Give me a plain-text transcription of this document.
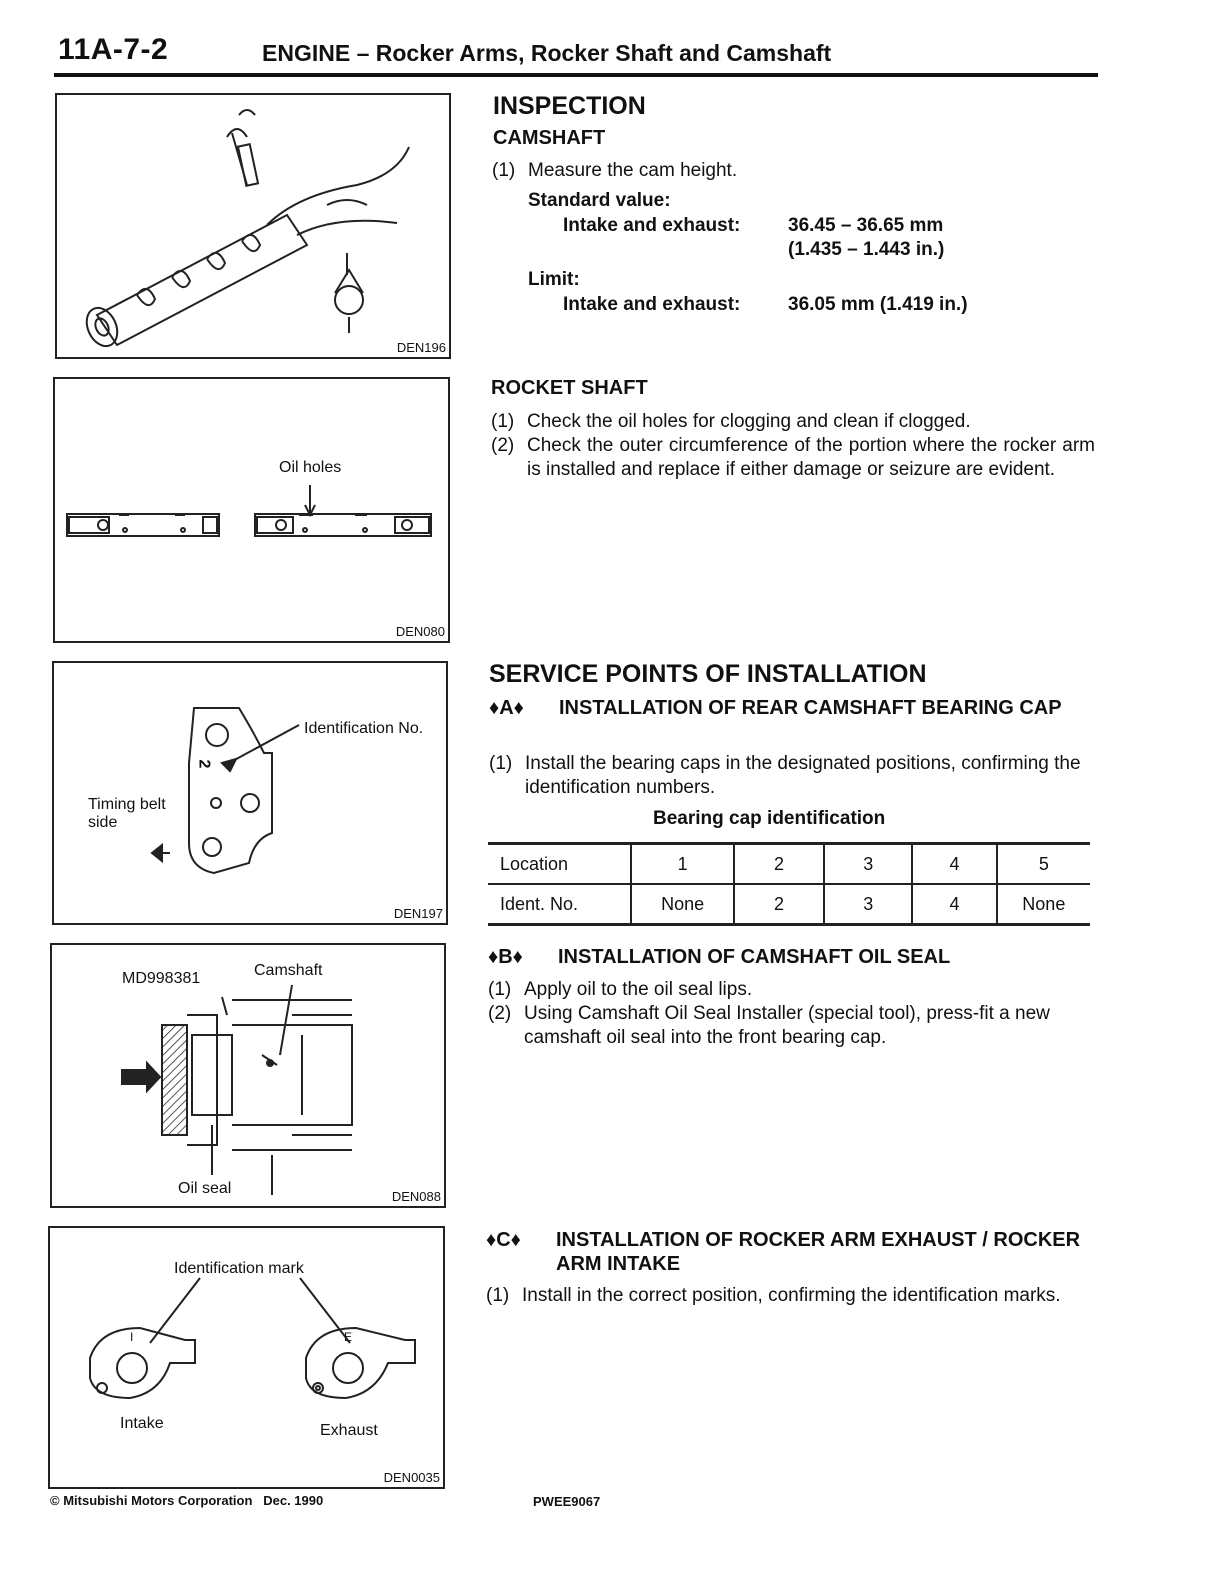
11A-7-2	ENGINE – Rocker Arms, Rocker Shaft and Camshaft
DEN196
Oil holes
DEN080
2
Identification No.
Timing belt
side
DEN197
MD998381	Camshaft
Oil seal	DEN088
Identification mark
I	E
Intake	Exhaust
DEN0035
INSPECTION
CAMSHAFT
(1) Measure the cam height.
Standard value:
Intake and exhaust:	36.45 – 36.65 mm
(1.435 – 1.443 in.)
Limit:
Intake and exhaust:	36.05 mm (1.419 in.)
ROCKET SHAFT
(1) Check the oil holes for clogging and clean if clogged.
(2) Check the outer circumference of the portion where the rocker arm is installed and replace if either damage or seizure are evident.
SERVICE POINTS OF INSTALLATION
♦A♦	INSTALLATION OF REAR CAMSHAFT BEARING CAP
(1) Install the bearing caps in the designated positions, confirming the identification numbers.
Bearing cap identification
Location	1	2	3	4	5
Ident. No.	None	2	3	4	None
♦B♦	INSTALLATION OF CAMSHAFT OIL SEAL
(1) Apply oil to the oil seal lips.
(2) Using Camshaft Oil Seal Installer (special tool), press-fit a new camshaft oil seal into the front bearing cap.
♦C♦	INSTALLATION OF ROCKER ARM EXHAUST / ROCKER ARM INTAKE
(1) Install in the correct position, confirming the identification marks.
© Mitsubishi Motors Corporation   Dec. 1990	PWEE9067
